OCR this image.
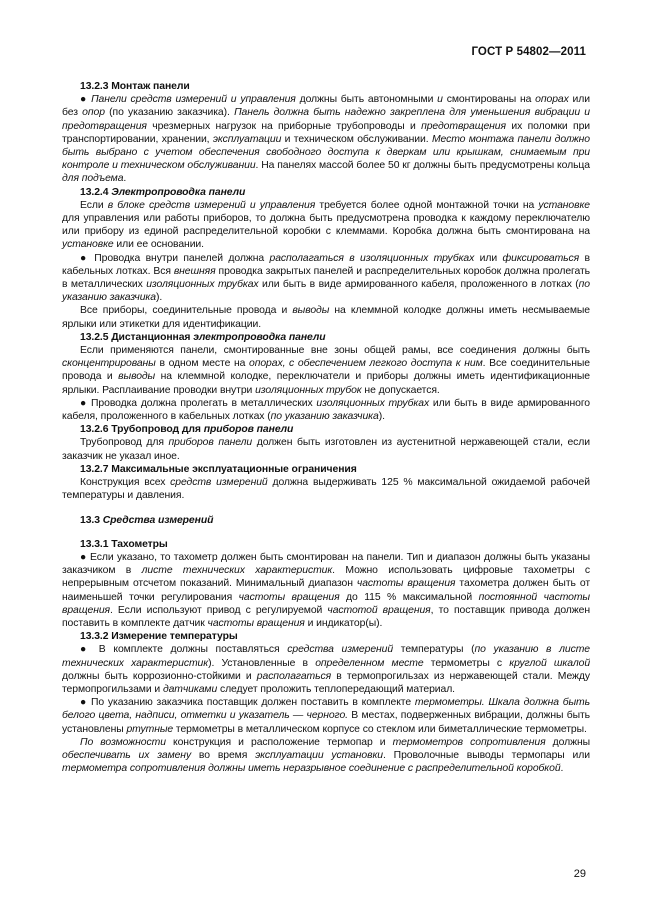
ГОСТ Р 54802—2011

13.2.3 Монтаж панели

● Панели средств измерений и управления должны быть автономными и смонтированы на опорах или без опор (по указанию заказчика). Панель должна быть надежно закреплена для уменьшения вибрации и предотвращения чрезмерных нагрузок на приборные трубопроводы и предотвращения их поломки при транспортировании, хранении, эксплуатации и техническом обслуживании. Место монтажа панели должно быть выбрано с учетом обеспечения свободного доступа к дверкам или крышкам, снимаемым при контроле и техническом обслуживании. На панелях массой более 50 кг должны быть предусмотрены кольца для подъема.

13.2.4 Электропроводка панели

Если в блоке средств измерений и управления требуется более одной монтажной точки на установке для управления или работы приборов, то должна быть предусмотрена проводка к каждому переключателю или прибору из единой распределительной коробки с клеммами. Коробка должна быть смонтирована на установке или ее основании.

● Проводка внутри панелей должна располагаться в изоляционных трубках или фиксироваться в кабельных лотках. Вся внешняя проводка закрытых панелей и распределительных коробок должна пролегать в металлических изоляционных трубках или быть в виде армированного кабеля, проложенного в лотках (по указанию заказчика).

Все приборы, соединительные провода и выводы на клеммной колодке должны иметь несмываемые ярлыки или этикетки для идентификации.

13.2.5 Дистанционная электропроводка панели

Если применяются панели, смонтированные вне зоны общей рамы, все соединения должны быть сконцентрированы в одном месте на опорах, с обеспечением легкого доступа к ним. Все соединительные провода и выводы на клеммной колодке, переключатели и приборы должны иметь идентификационные ярлыки. Расплаивание проводки внутри изоляционных трубок не допускается.

● Проводка должна пролегать в металлических изоляционных трубках или быть в виде армированного кабеля, проложенного в кабельных лотках (по указанию заказчика).

13.2.6 Трубопровод для приборов панели

Трубопровод для приборов панели должен быть изготовлен из аустенитной нержавеющей стали, если заказчик не указал иное.

13.2.7 Максимальные эксплуатационные ограничения

Конструкция всех средств измерений должна выдерживать 125 % максимальной ожидаемой рабочей температуры и давления.

13.3 Средства измерений

13.3.1 Тахометры

● Если указано, то тахометр должен быть смонтирован на панели. Тип и диапазон должны быть указаны заказчиком в листе технических характеристик. Можно использовать цифровые тахометры с непрерывным отсчетом показаний. Минимальный диапазон частоты вращения тахометра должен быть от наименьшей точки регулирования частоты вращения до 115 % максимальной постоянной частоты вращения. Если используют привод с регулируемой частотой вращения, то поставщик привода должен поставить в комплекте датчик частоты вращения и индикатор(ы).

13.3.2 Измерение температуры

● В комплекте должны поставляться средства измерений температуры (по указанию в листе технических характеристик). Установленные в определенном месте термометры с круглой шкалой должны быть коррозионно-стойкими и располагаться в термопрогильзах из нержавеющей стали. Между термопрогильзами и датчиками следует проложить теплопередающий материал.

● По указанию заказчика поставщик должен поставить в комплекте термометры. Шкала должна быть белого цвета, надписи, отметки и указатель — черного. В местах, подверженных вибрации, должны быть установлены ртутные термометры в металлическом корпусе со стеклом или биметаллические термометры.

По возможности конструкция и расположение термопар и термометров сопротивления должны обеспечивать их замену во время эксплуатации установки. Проволочные выводы термопары или термометра сопротивления должны иметь неразрывное соединение с распределительной коробкой.

29
